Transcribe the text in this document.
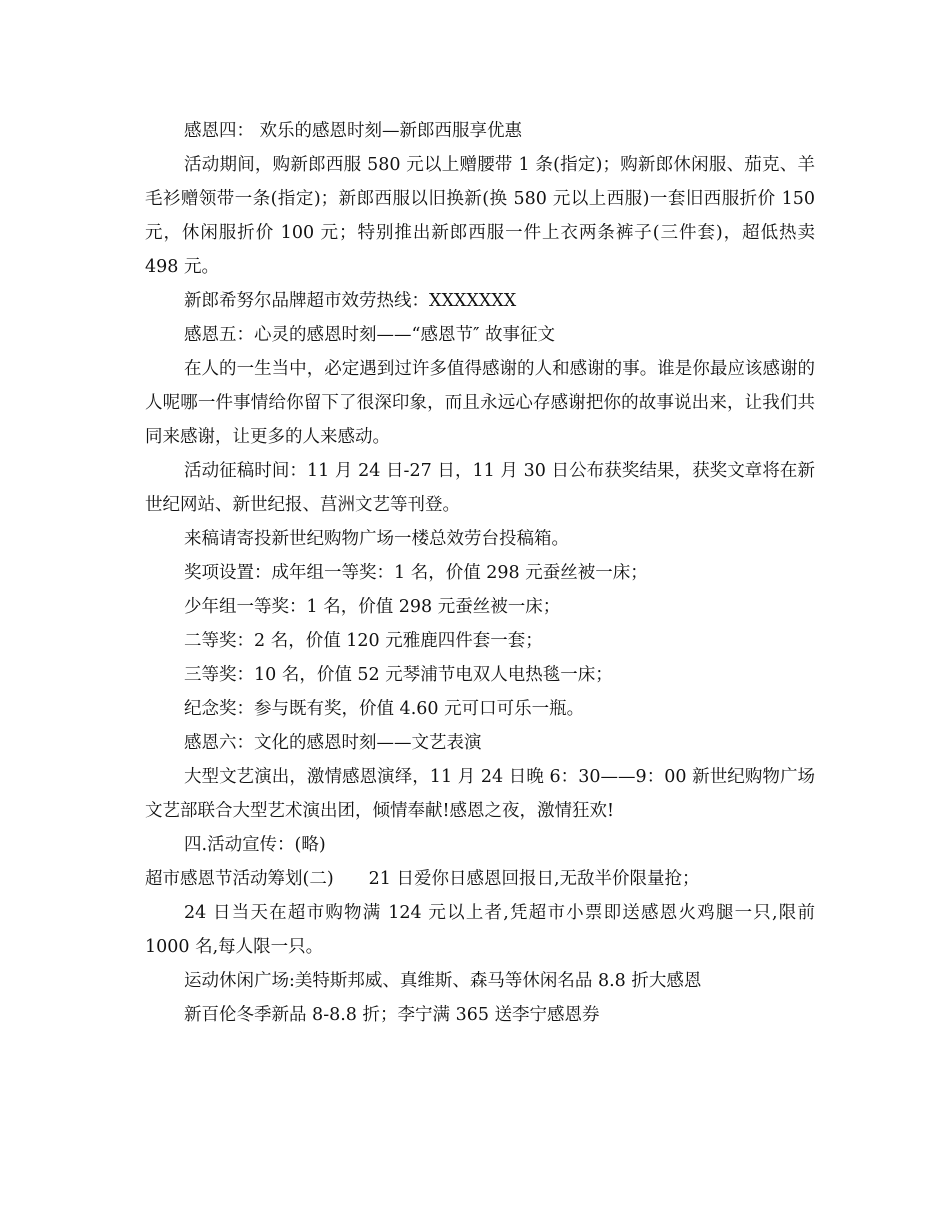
感恩四： 欢乐的感恩时刻—新郎西服享优惠

活动期间，购新郎西服 580 元以上赠腰带 1 条(指定)；购新郎休闲服、茄克、羊毛衫赠领带一条(指定)；新郎西服以旧换新(换 580 元以上西服)一套旧西服折价 150 元，休闲服折价 100 元；特别推出新郎西服一件上衣两条裤子(三件套)，超低热卖 498 元。

新郎希努尔品牌超市效劳热线：XXXXXXX

感恩五：心灵的感恩时刻——“感恩节″ 故事征文

在人的一生当中，必定遇到过许多值得感谢的人和感谢的事。谁是你最应该感谢的人呢哪一件事情给你留下了很深印象，而且永远心存感谢把你的故事说出来，让我们共同来感谢，让更多的人来感动。

活动征稿时间：11 月 24 日-27 日，11 月 30 日公布获奖结果，获奖文章将在新世纪网站、新世纪报、莒洲文艺等刊登。

来稿请寄投新世纪购物广场一楼总效劳台投稿箱。

奖项设置：成年组一等奖：1 名，价值 298 元蚕丝被一床；

少年组一等奖：1 名，价值 298 元蚕丝被一床；

二等奖：2 名，价值 120 元雅鹿四件套一套；

三等奖：10 名，价值 52 元琴浦节电双人电热毯一床；

纪念奖：参与既有奖，价值 4.60 元可口可乐一瓶。

感恩六：文化的感恩时刻——文艺表演

大型文艺演出，激情感恩演绎，11 月 24 日晚 6：30——9：00 新世纪购物广场文艺部联合大型艺术演出团，倾情奉献!感恩之夜，激情狂欢!

四.活动宣传：(略)

超市感恩节活动筹划(二)　　21 日爱你日感恩回报日,无敌半价限量抢；

24 日当天在超市购物满 124 元以上者,凭超市小票即送感恩火鸡腿一只,限前 1000 名,每人限一只。

运动休闲广场:美特斯邦威、真维斯、森马等休闲名品 8.8 折大感恩

新百伦冬季新品 8-8.8 折；李宁满 365 送李宁感恩券
